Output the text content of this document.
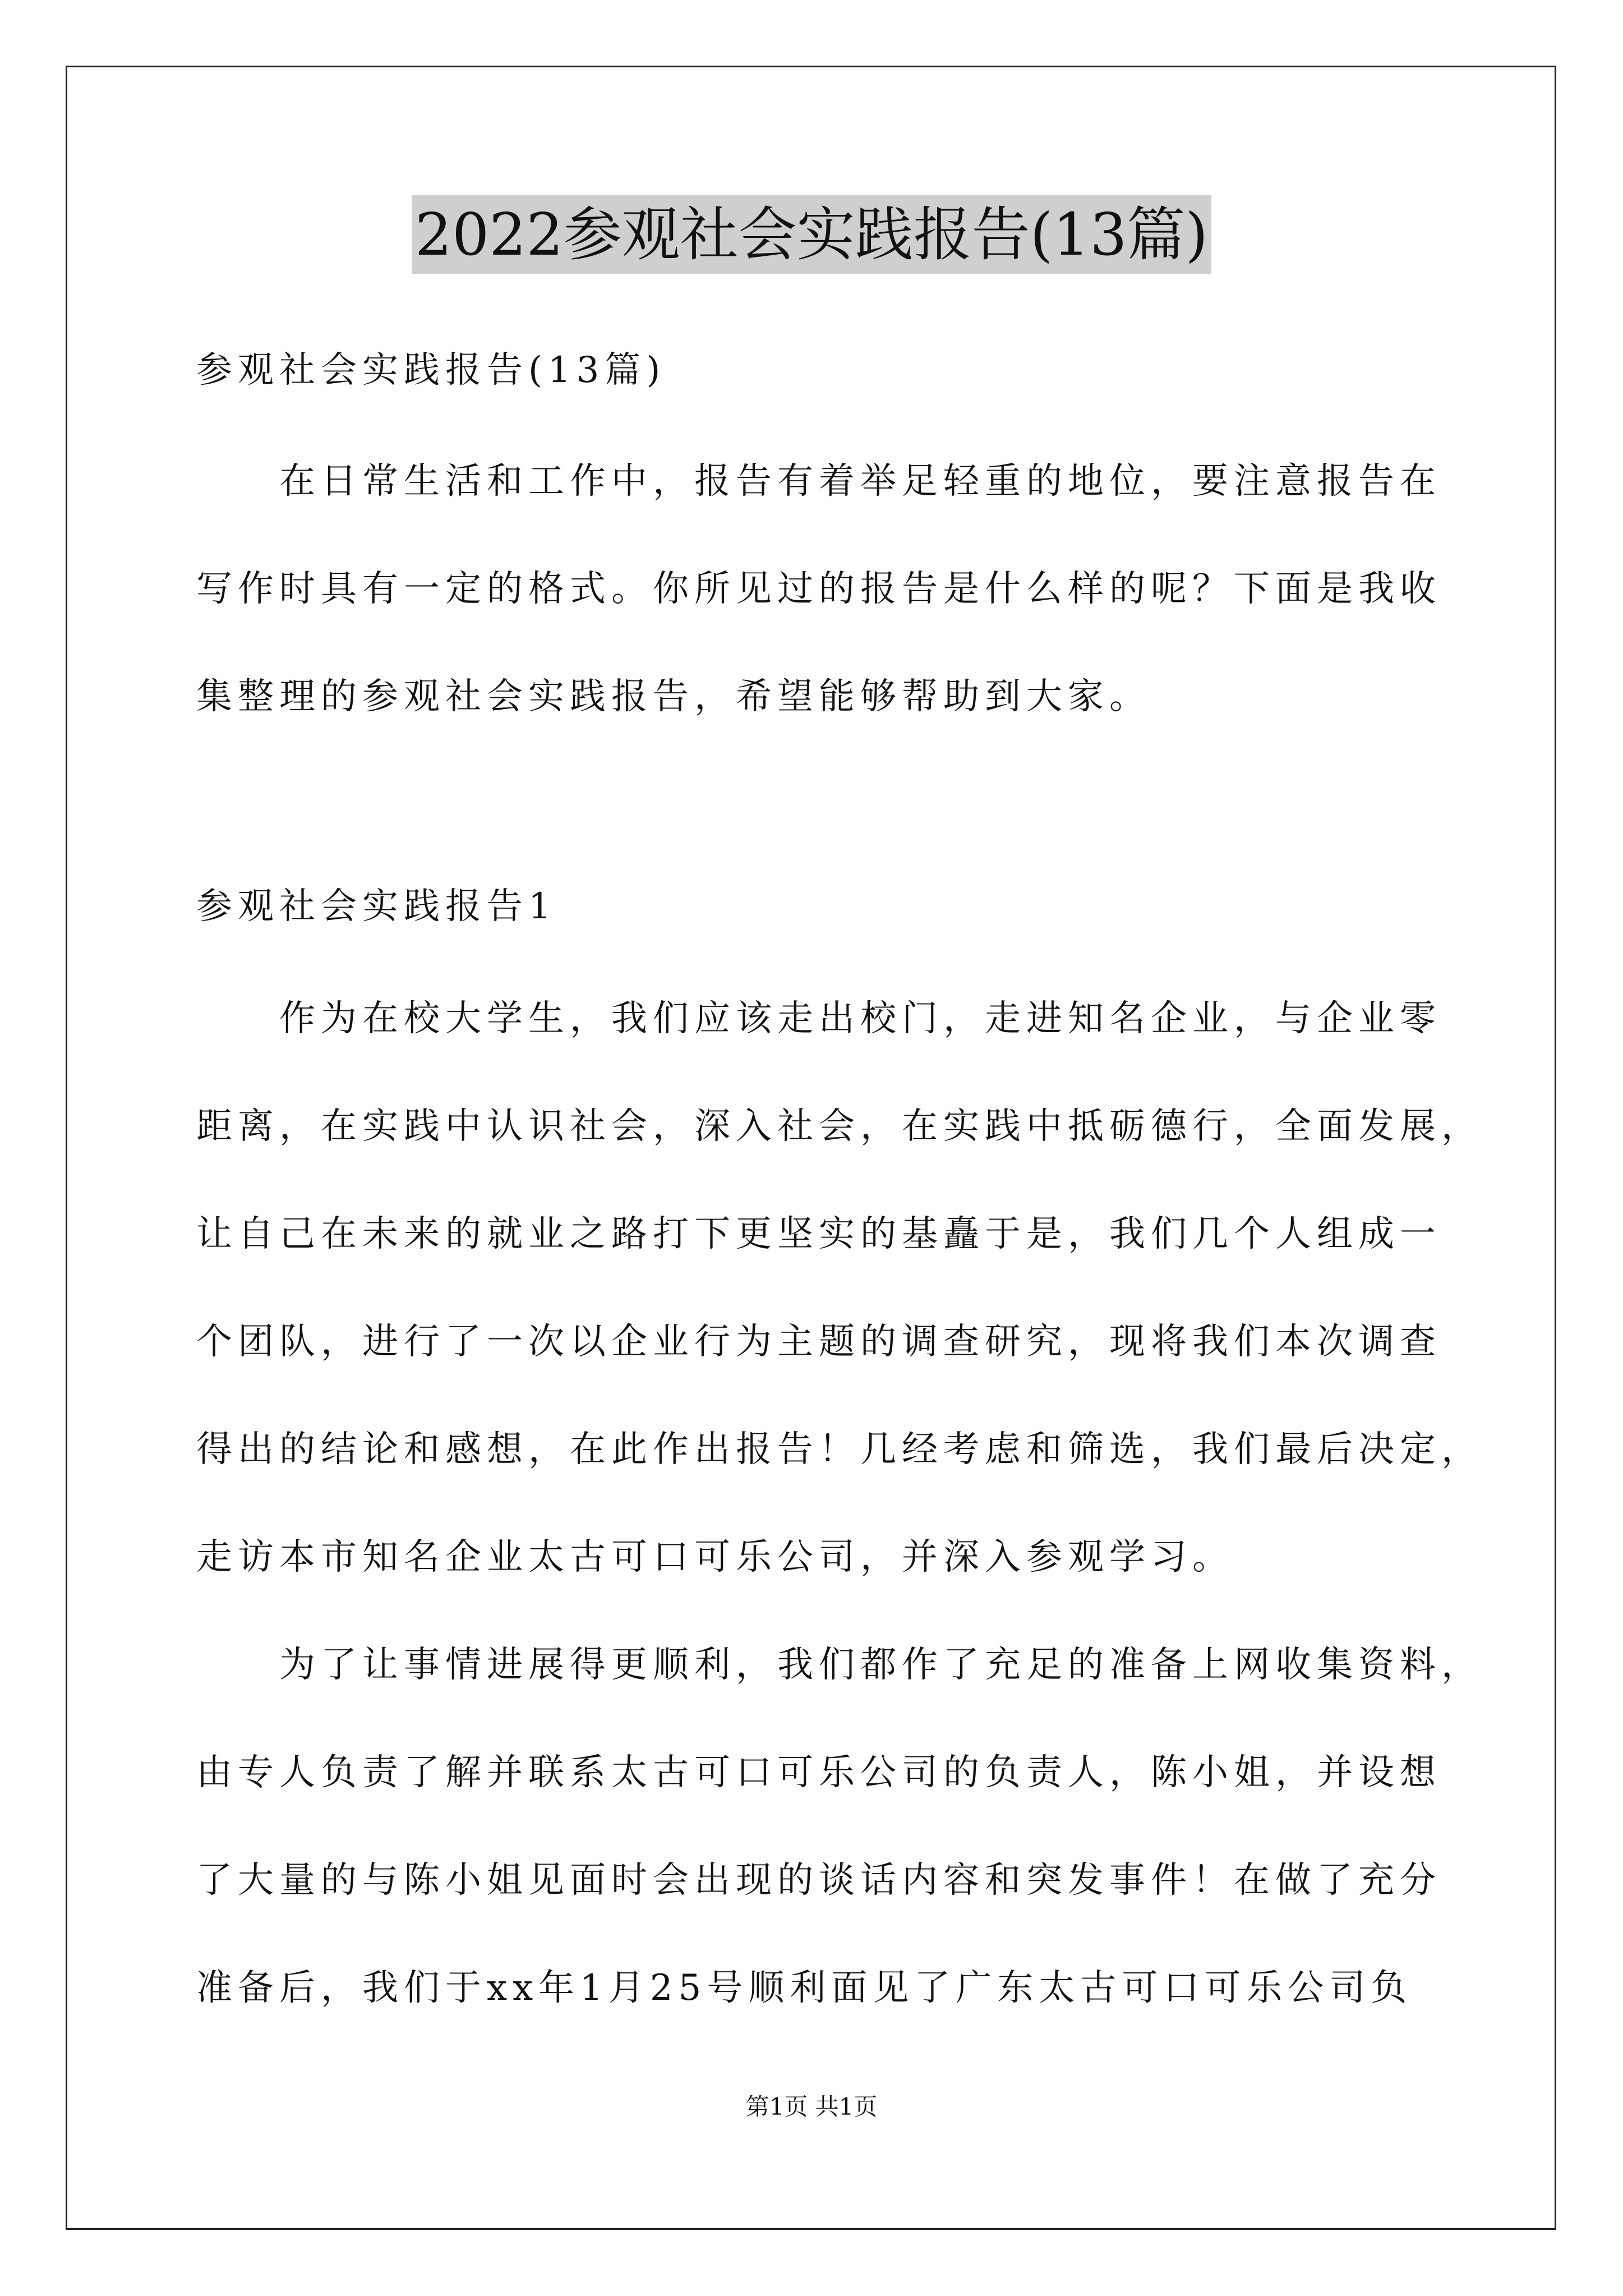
2022参观社会实践报告(13篇)
参观社会实践报告(13篇)
在日常生活和工作中，报告有着举足轻重的地位，要注意报告在
写作时具有一定的格式。你所见过的报告是什么样的呢？下面是我收
集整理的参观社会实践报告，希望能够帮助到大家。
参观社会实践报告1
作为在校大学生，我们应该走出校门，走进知名企业，与企业零
距离，在实践中认识社会，深入社会，在实践中抵砺德行，全面发展，
让自己在未来的就业之路打下更坚实的基矗于是，我们几个人组成一
个团队，进行了一次以企业行为主题的调查研究，现将我们本次调查
得出的结论和感想，在此作出报告！几经考虑和筛选，我们最后决定，
走访本市知名企业太古可口可乐公司，并深入参观学习。
为了让事情进展得更顺利，我们都作了充足的准备上网收集资料，
由专人负责了解并联系太古可口可乐公司的负责人，陈小姐，并设想
了大量的与陈小姐见面时会出现的谈话内容和突发事件！在做了充分
准备后，我们于xx年1月25号顺利面见了广东太古可口可乐公司负
第1页 共1页
